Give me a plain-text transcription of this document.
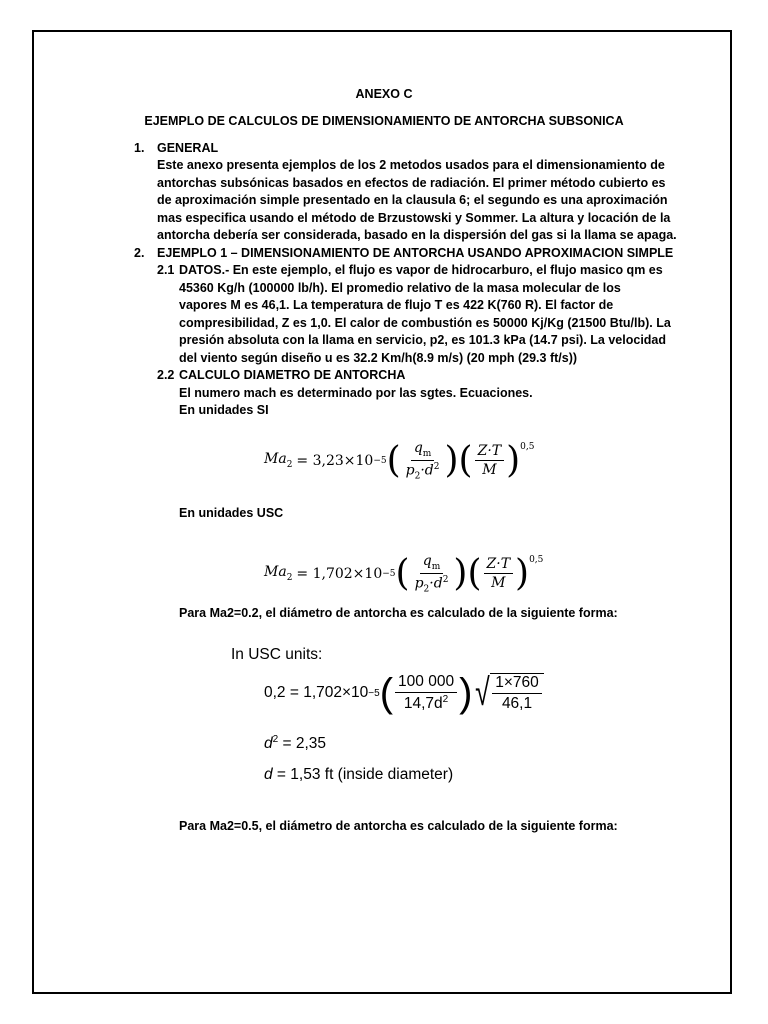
ANEXO C
EJEMPLO DE CALCULOS DE DIMENSIONAMIENTO DE ANTORCHA SUBSONICA
1. GENERAL
Este anexo presenta ejemplos de los 2 metodos usados para el dimensionamiento de
antorchas subsónicas basados en efectos de radiación. El primer método cubierto es
de aproximación simple presentado en la clausula 6; el segundo es una aproximación
mas especifica usando el método de Brzustowski y Sommer. La altura y locación de la
antorcha debería ser considerada, basado en la dispersión del gas si la llama se apaga.
2. EJEMPLO 1 – DIMENSIONAMIENTO DE ANTORCHA USANDO APROXIMACION SIMPLE
2.1 DATOS.- En este ejemplo, el flujo es vapor de hidrocarburo, el flujo masico qm es
45360 Kg/h (100000 lb/h). El promedio relativo de la masa molecular de los
vapores M es 46,1. La temperatura de flujo T es 422 K(760 R). El factor de
compresibilidad, Z es 1,0. El calor de combustión es 50000 Kj/Kg (21500 Btu/lb). La
presión absoluta con la llama en servicio, p2, es 101.3 kPa (14.7 psi). La velocidad
del viento según diseño u es 32.2 Km/h(8.9 m/s) (20 mph (29.3 ft/s))
2.2 CALCULO DIAMETRO DE ANTORCHA
El numero mach es determinado por las sgtes. Ecuaciones.
En unidades SI
$Ma_2 = 3,23\times 10 -5$ ( $\frac{q_m}{p_2\cdot d^2}$ )( $\frac{Z\cdot T}{M}$ ) 0,5
En unidades USC
$Ma_2 = 1,702\times 10 -5$ ( $\frac{q_m}{p_2\cdot d^2}$ )( $\frac{Z\cdot T}{M}$ ) 0,5
Para Ma2=0.2, el diámetro de antorcha es calculado de la siguiente forma:
In USC units:
0,2 = 1,702×10 −5 ( $\frac{100 000}{14,7d^2}$ ) √ $\frac{1\times 760}{46,1}$
$d^2 = 2,35$
d = 1,53 ft (inside diameter)
Para Ma2=0.5, el diámetro de antorcha es calculado de la siguiente forma:
